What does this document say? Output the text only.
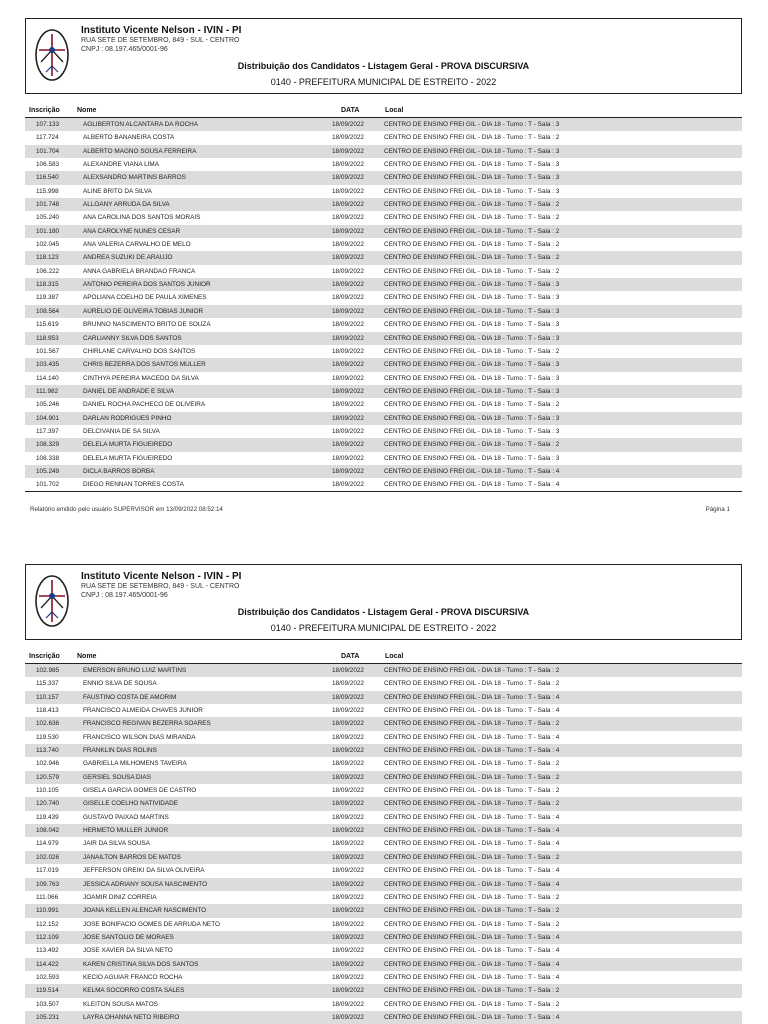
Instituto Vicente Nelson - IVIN - PI
RUA SETE DE SETEMBRO, 849 - SUL - CENTRO
CNPJ : 08.197.465/0001-96
Distribuição dos Candidatos - Listagem Geral - PROVA DISCURSIVA
0140 - PREFEITURA MUNICIPAL DE ESTREITO - 2022
Inscrição Nome	DATA	Local
107.133	AGLIBERTON ALCANTARA DA ROCHA	18/09/2022	CENTRO DE ENSINO FREI GIL - DIA 18 - Turno : T - Sala : 3
117.724	ALBERTO BANANEIRA COSTA	18/09/2022	CENTRO DE ENSINO FREI GIL - DIA 18 - Turno : T - Sala : 2
101.704	ALBERTO MAGNO SOUSA FERREIRA	18/09/2022	CENTRO DE ENSINO FREI GIL - DIA 18 - Turno : T - Sala : 3
106.583	ALEXANDRE VIANA LIMA	18/09/2022	CENTRO DE ENSINO FREI GIL - DIA 18 - Turno : T - Sala : 3
116.540	ALEXSANDRO MARTINS BARROS	18/09/2022	CENTRO DE ENSINO FREI GIL - DIA 18 - Turno : T - Sala : 3
115.998	ALINE BRITO DA SILVA	18/09/2022	CENTRO DE ENSINO FREI GIL - DIA 18 - Turno : T - Sala : 3
101.748	ALLOANY ARRUDA DA SILVA	18/09/2022	CENTRO DE ENSINO FREI GIL - DIA 18 - Turno : T - Sala : 2
105.240	ANA CAROLINA DOS SANTOS MORAIS	18/09/2022	CENTRO DE ENSINO FREI GIL - DIA 18 - Turno : T - Sala : 2
101.180	ANA CAROLYNE NUNES CESAR	18/09/2022	CENTRO DE ENSINO FREI GIL - DIA 18 - Turno : T - Sala : 2
102.045	ANA VALERIA CARVALHO DE MELO	18/09/2022	CENTRO DE ENSINO FREI GIL - DIA 18 - Turno : T - Sala : 2
118.123	ANDREA SUZUKI DE ARAUJO	18/09/2022	CENTRO DE ENSINO FREI GIL - DIA 18 - Turno : T - Sala : 2
106.222	ANNA GABRIELA BRANDAO FRANCA	18/09/2022	CENTRO DE ENSINO FREI GIL - DIA 18 - Turno : T - Sala : 2
118.315	ANTONIO PEREIRA DOS SANTOS JUNIOR	18/09/2022	CENTRO DE ENSINO FREI GIL - DIA 18 - Turno : T - Sala : 3
119.387	APOLIANA COELHO DE PAULA XIMENES	18/09/2022	CENTRO DE ENSINO FREI GIL - DIA 18 - Turno : T - Sala : 3
108.564	AURELIO DE OLIVEIRA TOBIAS JUNIOR	18/09/2022	CENTRO DE ENSINO FREI GIL - DIA 18 - Turno : T - Sala : 3
115.619	BRUNNO NASCIMENTO BRITO DE SOUZA	18/09/2022	CENTRO DE ENSINO FREI GIL - DIA 18 - Turno : T - Sala : 3
118.953	CARLIANNY SILVA DOS SANTOS	18/09/2022	CENTRO DE ENSINO FREI GIL - DIA 18 - Turno : T - Sala : 3
101.567	CHIRLANE CARVALHO DOS SANTOS	18/09/2022	CENTRO DE ENSINO FREI GIL - DIA 18 - Turno : T - Sala : 2
103.435	CHRIS BEZERRA DOS SANTOS MULLER	18/09/2022	CENTRO DE ENSINO FREI GIL - DIA 18 - Turno : T - Sala : 3
114.140	CINTHYA PEREIRA MACEDO DA SILVA	18/09/2022	CENTRO DE ENSINO FREI GIL - DIA 18 - Turno : T - Sala : 3
111.982	DANIEL DE ANDRADE E SILVA	18/09/2022	CENTRO DE ENSINO FREI GIL - DIA 18 - Turno : T - Sala : 3
105.246	DANIEL ROCHA PACHECO DE OLIVEIRA	18/09/2022	CENTRO DE ENSINO FREI GIL - DIA 18 - Turno : T - Sala : 2
104.901	DARLAN RODRIGUES PINHO	18/09/2022	CENTRO DE ENSINO FREI GIL - DIA 18 - Turno : T - Sala : 3
117.397	DELCIVANIA DE SA SILVA	18/09/2022	CENTRO DE ENSINO FREI GIL - DIA 18 - Turno : T - Sala : 3
108.329	DELELA MURTA FIGUEIREDO	18/09/2022	CENTRO DE ENSINO FREI GIL - DIA 18 - Turno : T - Sala : 2
108.338	DELELA MURTA FIGUEIREDO	18/09/2022	CENTRO DE ENSINO FREI GIL - DIA 18 - Turno : T - Sala : 3
105.249	DICLA BARROS BORBA	18/09/2022	CENTRO DE ENSINO FREI GIL - DIA 18 - Turno : T - Sala : 4
101.702	DIEGO RENNAN TORRES COSTA	18/09/2022	CENTRO DE ENSINO FREI GIL - DIA 18 - Turno : T - Sala : 4
Relatório emitido pelo usuário SUPERVISOR em 13/09/2022 08:52:14	Página 1
Instituto Vicente Nelson - IVIN - PI
RUA SETE DE SETEMBRO, 849 - SUL - CENTRO
CNPJ : 08.197.465/0001-96
Distribuição dos Candidatos - Listagem Geral - PROVA DISCURSIVA
0140 - PREFEITURA MUNICIPAL DE ESTREITO - 2022
Inscrição Nome	DATA	Local
102.985	EMERSON BRUNO LUIZ MARTINS	18/09/2022	CENTRO DE ENSINO FREI GIL - DIA 18 - Turno : T - Sala : 2
115.337	ENNIO SILVA DE SOUSA	18/09/2022	CENTRO DE ENSINO FREI GIL - DIA 18 - Turno : T - Sala : 2
110.157	FAUSTINO COSTA DE AMORIM	18/09/2022	CENTRO DE ENSINO FREI GIL - DIA 18 - Turno : T - Sala : 4
118.413	FRANCISCO ALMEIDA CHAVES JUNIOR	18/09/2022	CENTRO DE ENSINO FREI GIL - DIA 18 - Turno : T - Sala : 4
102.636	FRANCISCO REGIVAN BEZERRA SOARES	18/09/2022	CENTRO DE ENSINO FREI GIL - DIA 18 - Turno : T - Sala : 2
119.530	FRANCISCO WILSON DIAS MIRANDA	18/09/2022	CENTRO DE ENSINO FREI GIL - DIA 18 - Turno : T - Sala : 4
113.740	FRANKLIN DIAS ROLINS	18/09/2022	CENTRO DE ENSINO FREI GIL - DIA 18 - Turno : T - Sala : 4
102.946	GABRIELLA MILHOMENS TAVEIRA	18/09/2022	CENTRO DE ENSINO FREI GIL - DIA 18 - Turno : T - Sala : 2
120.579	GERSIEL SOUSA DIAS	18/09/2022	CENTRO DE ENSINO FREI GIL - DIA 18 - Turno : T - Sala : 2
110.105	GISELA GARCIA GOMES DE CASTRO	18/09/2022	CENTRO DE ENSINO FREI GIL - DIA 18 - Turno : T - Sala : 2
120.740	GISELLE COELHO NATIVIDADE	18/09/2022	CENTRO DE ENSINO FREI GIL - DIA 18 - Turno : T - Sala : 2
119.439	GUSTAVO PAIXAO MARTINS	18/09/2022	CENTRO DE ENSINO FREI GIL - DIA 18 - Turno : T - Sala : 4
108.042	HERMETO MULLER JUNIOR	18/09/2022	CENTRO DE ENSINO FREI GIL - DIA 18 - Turno : T - Sala : 4
114.979	JAIR DA SILVA SOUSA	18/09/2022	CENTRO DE ENSINO FREI GIL - DIA 18 - Turno : T - Sala : 4
102.026	JANAILTON BARROS DE MATOS	18/09/2022	CENTRO DE ENSINO FREI GIL - DIA 18 - Turno : T - Sala : 2
117.019	JEFFERSON GREIKI DA SILVA OLIVEIRA	18/09/2022	CENTRO DE ENSINO FREI GIL - DIA 18 - Turno : T - Sala : 4
109.763	JESSICA ADRIANY SOUSA NASCIMENTO	18/09/2022	CENTRO DE ENSINO FREI GIL - DIA 18 - Turno : T - Sala : 4
111.066	JOAMIR DINIZ CORREIA	18/09/2022	CENTRO DE ENSINO FREI GIL - DIA 18 - Turno : T - Sala : 2
110.991	JOANA KELLEN ALENCAR NASCIMENTO	18/09/2022	CENTRO DE ENSINO FREI GIL - DIA 18 - Turno : T - Sala : 2
112.152	JOSE BONIFACIO GOMES DE ARRUDA NETO	18/09/2022	CENTRO DE ENSINO FREI GIL - DIA 18 - Turno : T - Sala : 2
112.109	JOSE SANTOLIO DE MORAES	18/09/2022	CENTRO DE ENSINO FREI GIL - DIA 18 - Turno : T - Sala : 4
113.492	JOSE XAVIER DA SILVA NETO	18/09/2022	CENTRO DE ENSINO FREI GIL - DIA 18 - Turno : T - Sala : 4
114.422	KAREN CRISTINA SILVA DOS SANTOS	18/09/2022	CENTRO DE ENSINO FREI GIL - DIA 18 - Turno : T - Sala : 4
102.593	KECIO AGUIAR FRANCO ROCHA	18/09/2022	CENTRO DE ENSINO FREI GIL - DIA 18 - Turno : T - Sala : 4
119.514	KELMA SOCORRO COSTA SALES	18/09/2022	CENTRO DE ENSINO FREI GIL - DIA 18 - Turno : T - Sala : 2
103.507	KLEITON SOUSA MATOS	18/09/2022	CENTRO DE ENSINO FREI GIL - DIA 18 - Turno : T - Sala : 2
105.231	LAYRA OHANNA NETO RIBEIRO	18/09/2022	CENTRO DE ENSINO FREI GIL - DIA 18 - Turno : T - Sala : 4
